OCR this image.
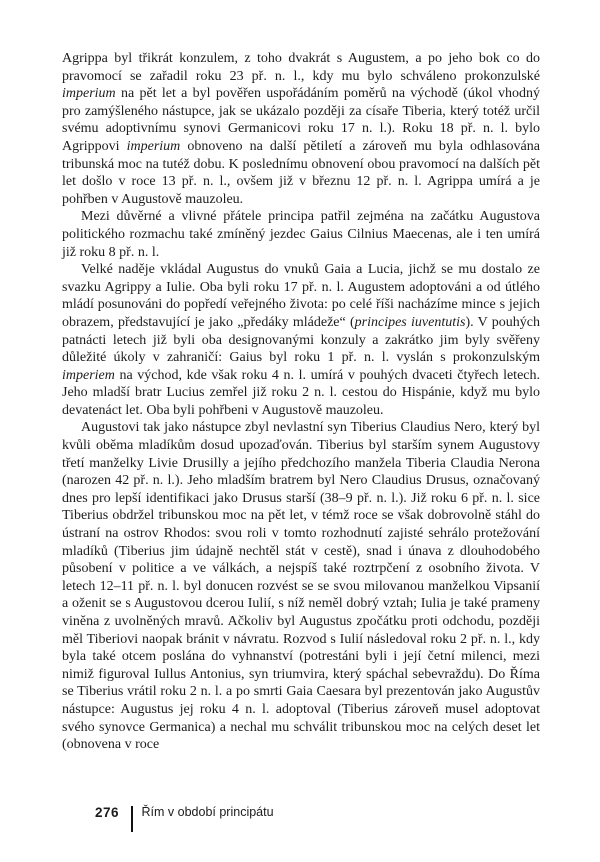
Agrippa byl třikrát konzulem, z toho dvakrát s Augustem, a po jeho bok co do pravomocí se zařadil roku 23 př. n. l., kdy mu bylo schváleno prokonzulské imperium na pět let a byl pověřen uspořádáním poměrů na východě (úkol vhodný pro zamýšleného nástupce, jak se ukázalo později za císaře Tiberia, který totéž určil svému adoptivnímu synovi Germanicovi roku 17 n. l.). Roku 18 př. n. l. bylo Agrippovi imperium obnoveno na další pětiletí a zároveň mu byla odhlasována tribunská moc na tutéž dobu. K poslednímu obnovení obou pravomocí na dalších pět let došlo v roce 13 př. n. l., ovšem již v březnu 12 př. n. l. Agrippa umírá a je pohřben v Augustově mauzoleu.

Mezi důvěrné a vlivné přátele principa patřil zejména na začátku Augustova politického rozmachu také zmíněný jezdec Gaius Cilnius Maecenas, ale i ten umírá již roku 8 př. n. l.

Velké naděje vkládal Augustus do vnuků Gaia a Lucia, jichž se mu dostalo ze svazku Agrippy a Iulie. Oba byli roku 17 př. n. l. Augustem adoptováni a od útlého mládí posunováni do popředí veřejného života: po celé říši nacházíme mince s jejich obrazem, představující je jako „předáky mládeže“ (principes iuventutis). V pouhých patnácti letech již byli oba designovanými konzuly a zakrátko jim byly svěřeny důležité úkoly v zahraničí: Gaius byl roku 1 př. n. l. vyslán s prokonzulským imperiem na východ, kde však roku 4 n. l. umírá v pouhých dvaceti čtyřech letech. Jeho mladší bratr Lucius zemřel již roku 2 n. l. cestou do Hispánie, když mu bylo devatenáct let. Oba byli pohřbeni v Augustově mauzoleu.

Augustovi tak jako nástupce zbyl nevlastní syn Tiberius Claudius Nero, který byl kvůli oběma mladíkům dosud upozaďován. Tiberius byl starším synem Augustovy třetí manželky Livie Drusilly a jejího předchozího manžela Tiberia Claudia Nerona (narozen 42 př. n. l.). Jeho mladším bratrem byl Nero Claudius Drusus, označovaný dnes pro lepší identifikaci jako Drusus starší (38–9 př. n. l.). Již roku 6 př. n. l. sice Tiberius obdržel tribunskou moc na pět let, v témž roce se však dobrovolně stáhl do ústraní na ostrov Rhodos: svou roli v tomto rozhodnutí zajisté sehrálo protežování mladíků (Tiberius jim údajně nechtěl stát v cestě), snad i únava z dlouhodobého působení v politice a ve válkách, a nejspíš také roztrpčení z osobního života. V letech 12–11 př. n. l. byl donucen rozvést se se svou milovanou manželkou Vipsanií a oženit se s Augustovou dcerou Iulií, s níž neměl dobrý vztah; Iulia je také prameny viněna z uvolněných mravů. Ačkoliv byl Augustus zpočátku proti odchodu, později měl Tiberiovi naopak bránit v návratu. Rozvod s Iulií následoval roku 2 př. n. l., kdy byla také otcem poslána do vyhnanství (potrestáni byli i její četní milenci, mezi nimiž figuroval Iullus Antonius, syn triumvira, který spáchal sebevraždu). Do Říma se Tiberius vrátil roku 2 n. l. a po smrti Gaia Caesara byl prezentován jako Augustův nástupce: Augustus jej roku 4 n. l. adoptoval (Tiberius zároveň musel adoptovat svého synovce Germanica) a nechal mu schválit tribunskou moc na celých deset let (obnovena v roce

276 Řím v období principátu
